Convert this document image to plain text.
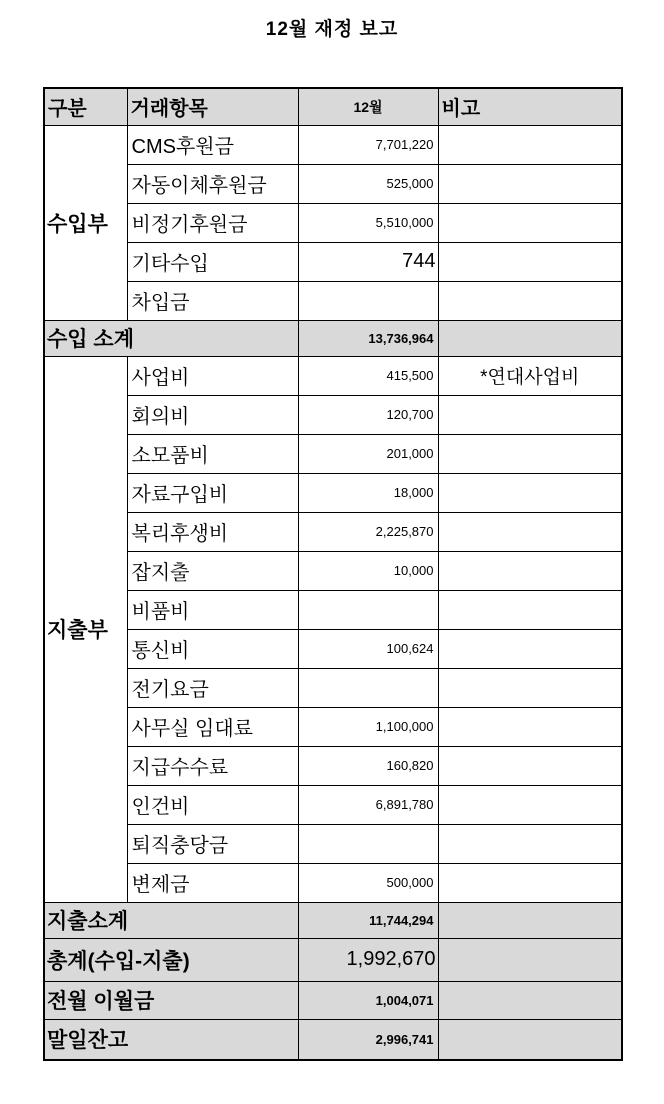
12월 재정 보고
구분	거래항목	12월	비고
수입부	CMS후원금	7,701,220	
	자동이체후원금	525,000	
	비정기후원금	5,510,000	
	기타수입	744	
	차입금		
수입 소계		13,736,964	
지출부	사업비	415,500	*연대사업비
	회의비	120,700	
	소모품비	201,000	
	자료구입비	18,000	
	복리후생비	2,225,870	
	잡지출	10,000	
	비품비		
	통신비	100,624	
	전기요금		
	사무실 임대료	1,100,000	
	지급수수료	160,820	
	인건비	6,891,780	
	퇴직충당금		
	변제금	500,000	
지출소계		11,744,294	
총계(수입-지출)		1,992,670	
전월 이월금		1,004,071	
말일잔고		2,996,741	
